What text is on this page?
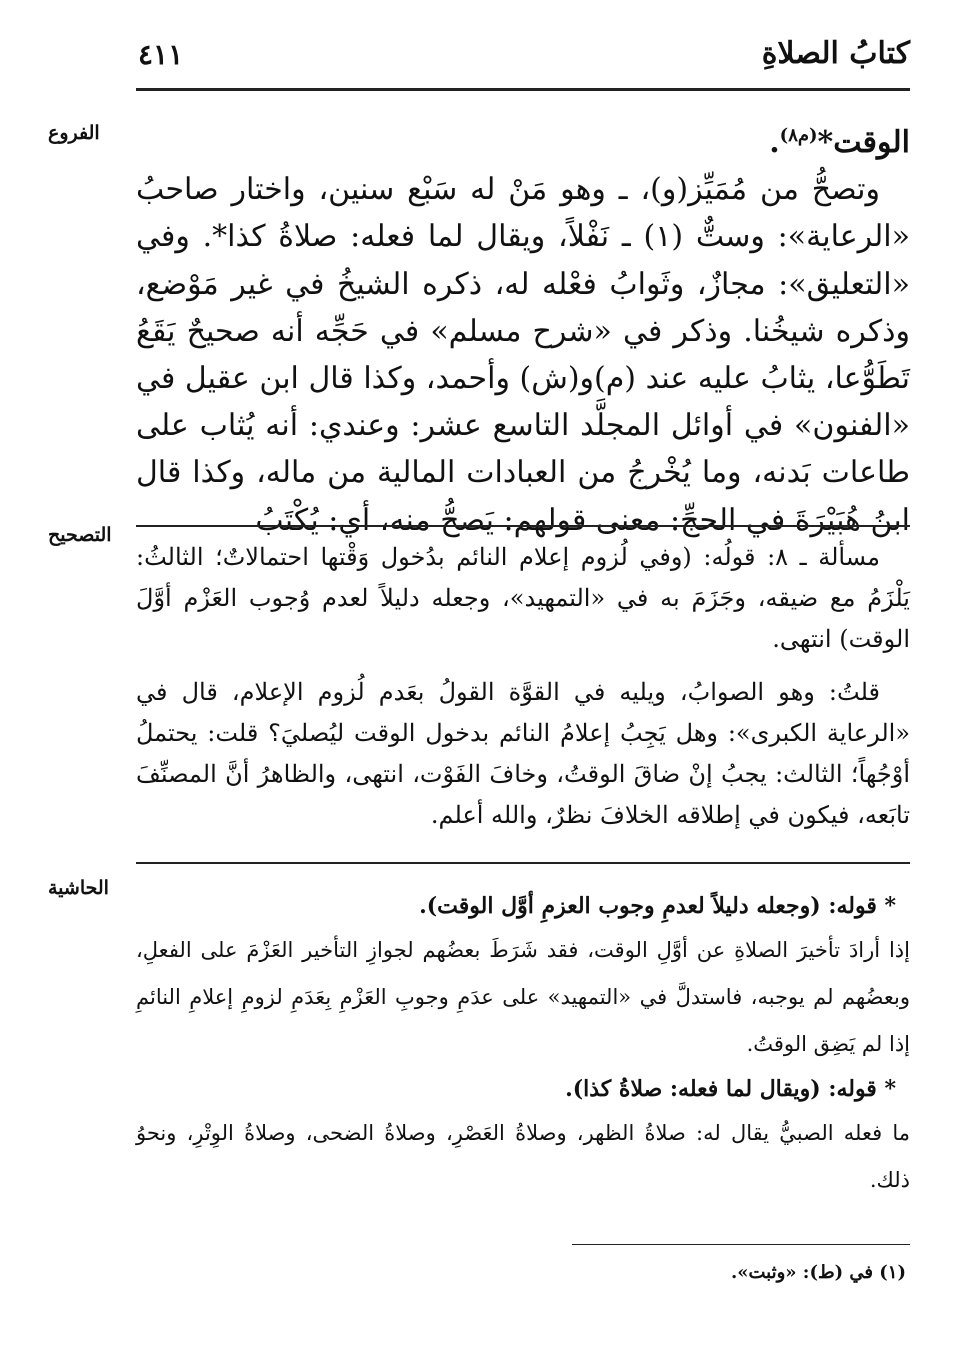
كتابُ الصلاةِ
٤١١
الفروع
التصحيح
الحاشية

الوقت*$^{(م٨)}$.

وتصحُّ من مُمَيِّز(و)، ـ وهو مَنْ له سَبْع سنين، واختار صاحبُ «الرعاية»: وستٌّ (١) ـ نَفْلاً، ويقال لما فعله: صلاةُ كذا*. وفي «التعليق»: مجازٌ، وثَوابُ فعْله له، ذكره الشيخُ في غير مَوْضع، وذكره شيخُنا. وذكر في «شرح مسلم» في حَجِّه أنه صحيحٌ يَقَعُ تَطَوُّعا، يثابُ عليه عند (م)و(ش) وأحمد، وكذا قال ابن عقيل في «الفنون» في أوائل المجلَّد التاسع عشر: وعندي: أنه يُثاب على طاعات بَدنه، وما يُخْرجُ من العبادات المالية من ماله، وكذا قال ابنُ هُبَيْرَةَ في الحجِّ: معنى قولهم: يَصحُّ منه، أي: يُكْتَبُ

مسألة ـ ٨: قولُه: (وفي لُزوم إعلام النائم بدُخول وَقْتها احتمالاتٌ؛ الثالثُ: يَلْزَمُ مع ضيقه، وجَزَمَ به في «التمهيد»، وجعله دليلاً لعدم وُجوب العَزْم أوَّلَ الوقت) انتهى.

قلتُ: وهو الصوابُ، ويليه في القوَّة القولُ بعَدم لُزوم الإعلام، قال في «الرعاية الكبرى»: وهل يَجِبُ إعلامُ النائم بدخول الوقت ليُصليَ؟ قلت: يحتملُ أوْجُهاً؛ الثالث: يجبُ إنْ ضاقَ الوقتُ، وخافَ الفَوْت، انتهى، والظاهرُ أنَّ المصنِّفَ تابَعه، فيكون في إطلاقه الخلافَ نظرٌ، والله أعلم.

* قوله: (وجعله دليلاً لعدمِ وجوب العزمِ أوَّل الوقت).

إذا أرادَ تأخيرَ الصلاةِ عن أوَّلِ الوقت، فقد شَرَطَ بعضُهم لجوازِ التأخير العَزْمَ على الفعلِ، وبعضُهم لم يوجبه، فاستدلَّ في «التمهيد» على عدَمِ وجوبِ العَزْمِ بِعَدَمِ لزومِ إعلامِ النائمِ إذا لم يَضِق الوقتُ.

* قوله: (ويقال لما فعله: صلاةُ كذا).

ما فعله الصبيُّ يقال له: صلاةُ الظهر، وصلاةُ العَصْرِ، وصلاةُ الضحى، وصلاةُ الوِتْرِ، ونحوُ ذلك.

(١) في (ط): «وثبت».
